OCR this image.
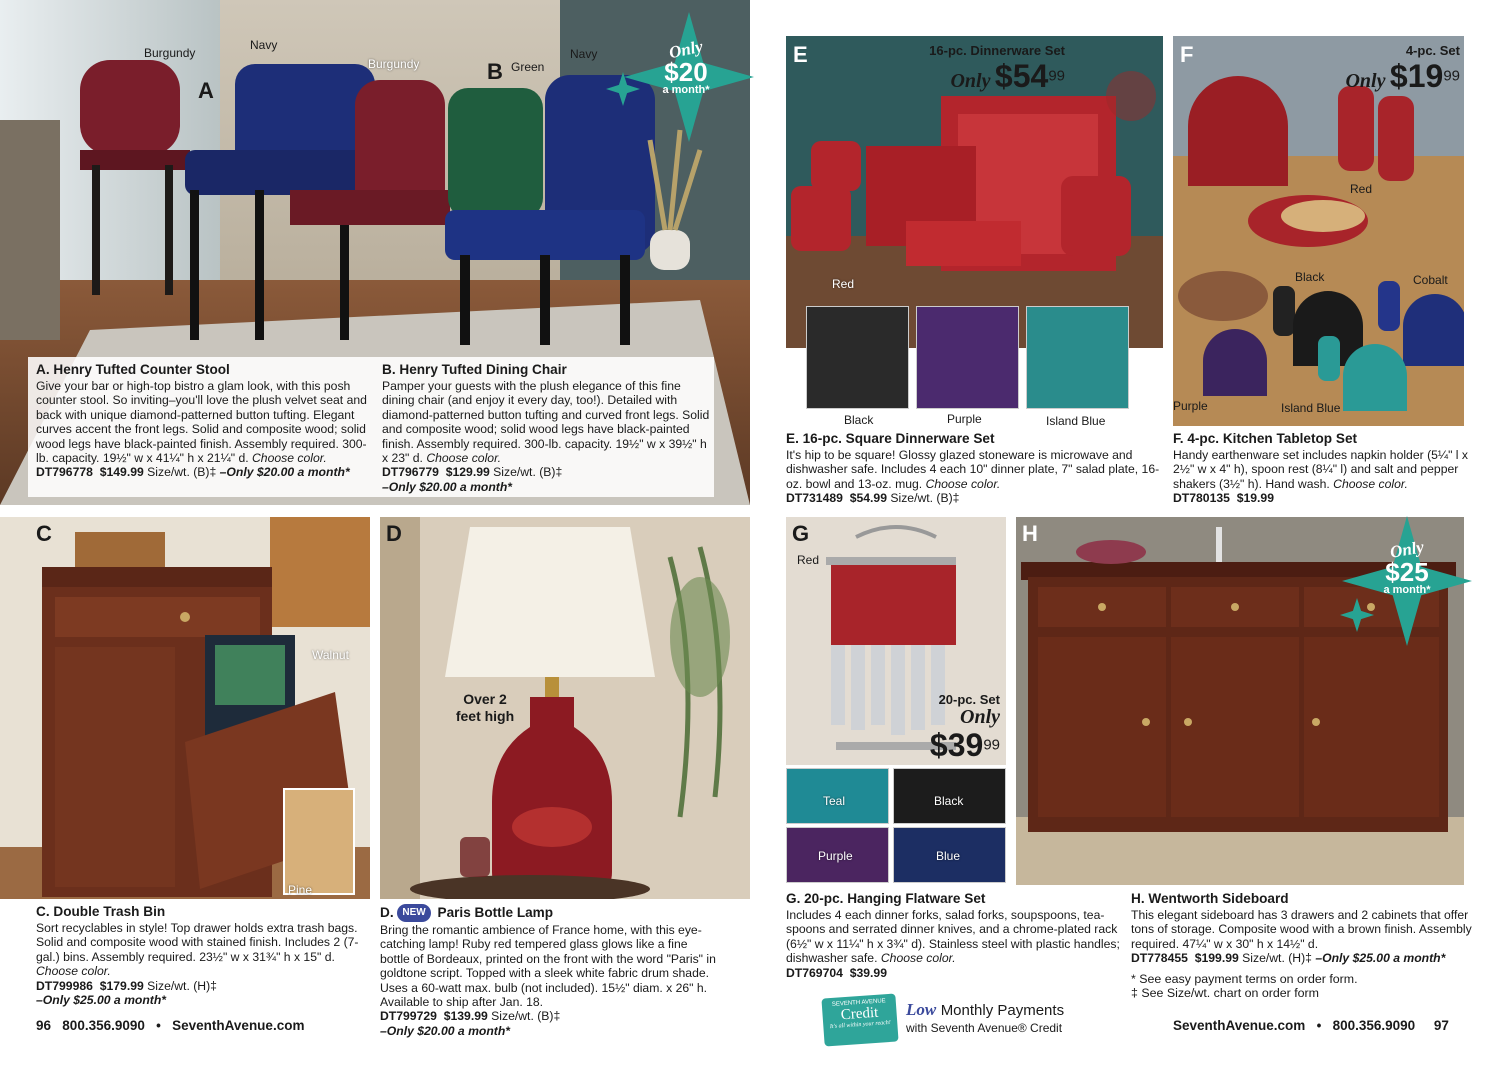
Burgundy
Navy
A
Burgundy	B Green
Navy	Only
$20
a month*
A. Henry Tufted Counter Stool
Give your bar or high-top bistro a glam look, with this posh counter stool. So inviting–you'll love the plush velvet seat and back with unique diamond-patterned button tufting. Elegant curves accent the front legs. Solid and composite wood; solid wood legs have black-painted finish. Assembly required. 300-lb. capacity. 19½" w x 41¼" h x 21¼" d. Choose color.
DT796778 $149.99 Size/wt. (B)‡ –Only $20.00 a month*
B. Henry Tufted Dining Chair
Pamper your guests with the plush elegance of this fine dining chair (and enjoy it every day, too!). Detailed with diamond-patterned button tufting and curved front legs. Solid and composite wood; solid wood legs have black-painted finish. Assembly required. 300-lb. capacity. 19½" w x 39½" h x 23" d. Choose color.
DT796779 $129.99 Size/wt. (B)‡
–Only $20.00 a month*
C
Walnut
Pine
C. Double Trash Bin
Sort recyclables in style! Top drawer holds extra trash bags. Solid and composite wood with stained finish. Includes 2 (7-gal.) bins. Assembly required. 23½" w x 31¾" h x 15" d. Choose color.
DT799986 $179.99 Size/wt. (H)‡
–Only $25.00 a month*
D
Over 2
feet high
D. NEW Paris Bottle Lamp
Bring the romantic ambience of France home, with this eye-catching lamp! Ruby red tempered glass glows like a fine bottle of Bordeaux, printed on the front with the word "Paris" in goldtone script. Topped with a sleek white fabric drum shade. Uses a 60-watt max. bulb (not included). 15½" diam. x 26" h. Available to ship after Jan. 18.
DT799729 $139.99 Size/wt. (B)‡
–Only $20.00 a month*
E	16-pc. Dinnerware Set
Only $\$54^{99}$
Red
Black	Purple	Island Blue
E. 16-pc. Square Dinnerware Set
It's hip to be square! Glossy glazed stoneware is microwave and dishwasher safe. Includes 4 each 10" dinner plate, 7" salad plate, 16-oz. bowl and 13-oz. mug. Choose color.
DT731489 $54.99 Size/wt. (B)‡
F	4-pc. Set
Only $\$19^{99}$
Red
Black	Cobalt
Purple	Island Blue
F. 4-pc. Kitchen Tabletop Set
Handy earthenware set includes napkin holder (5¼" l x 2½" w x 4" h), spoon rest (8¼" l) and salt and pepper shakers (3½" h). Hand wash. Choose color.
DT780135 $19.99
G
Red
20-pc. Set
Only
$\$39^{99}$
Teal	Black
Purple	Blue
G. 20-pc. Hanging Flatware Set
Includes 4 each dinner forks, salad forks, soupspoons, tea-spoons and serrated dinner knives, and a chrome-plated rack (6½" w x 11¼" h x 3¾" d). Stainless steel with plastic handles; dishwasher safe. Choose color.
DT769704 $39.99
H
Only
$25
a month*
H. Wentworth Sideboard
This elegant sideboard has 3 drawers and 2 cabinets that offer tons of storage. Composite wood with a brown finish. Assembly required. 47¼" w x 30" h x 14½" d.
DT778455 $199.99 Size/wt. (H)‡ –Only $25.00 a month*
* See easy payment terms on order form.
‡ See Size/wt. chart on order form
SEVENTH AVENUE
Credit
It's all within your reach!
Low Monthly Payments
with Seventh Avenue® Credit
96 800.356.9090 • SeventhAvenue.com	SeventhAvenue.com • 800.356.9090 97
